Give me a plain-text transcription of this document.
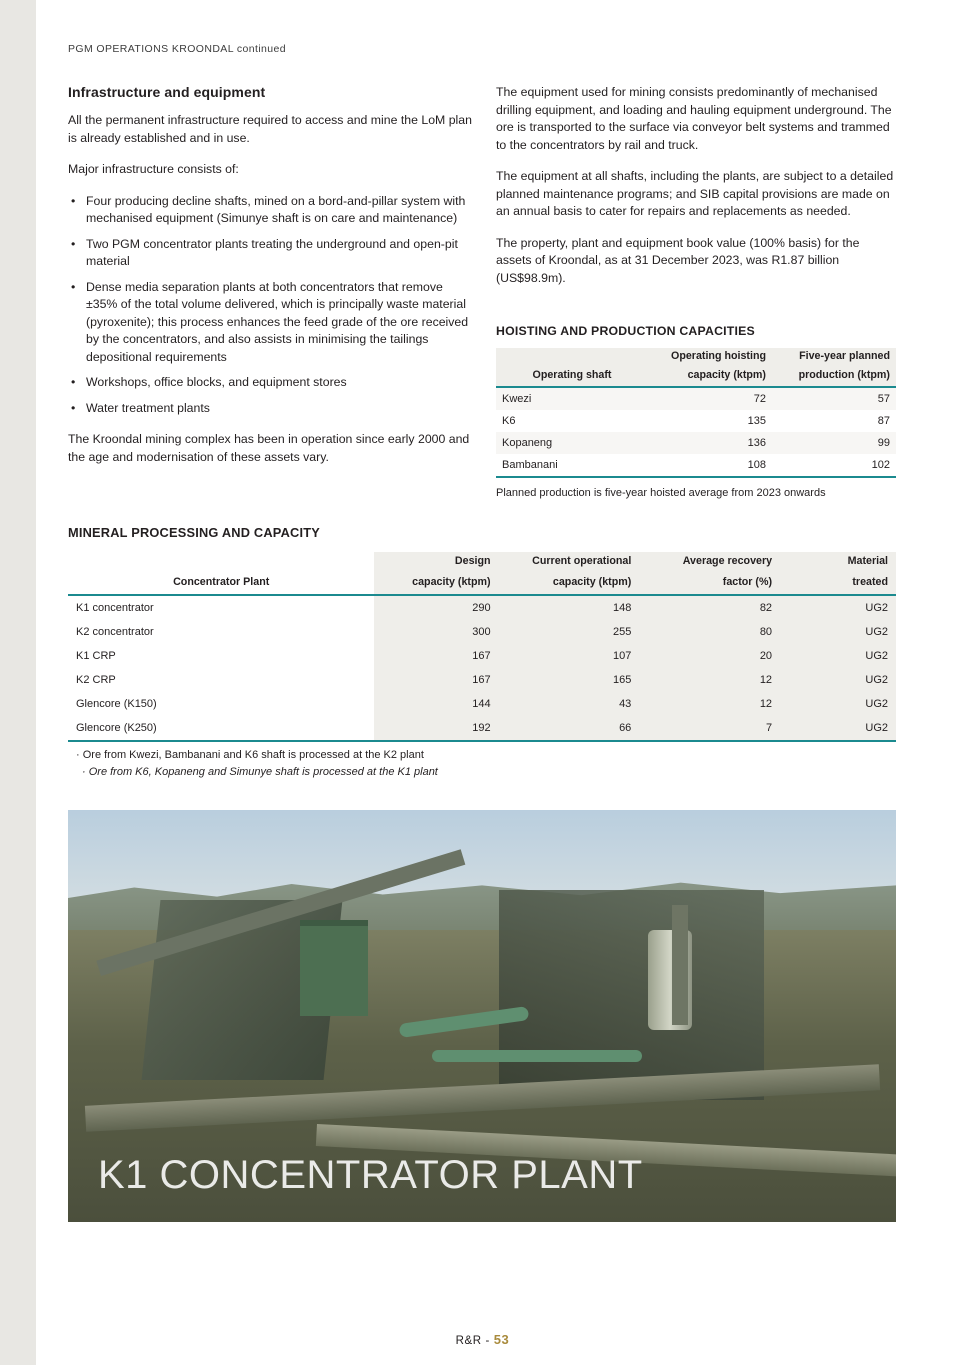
PGM OPERATIONS KROONDAL continued
Infrastructure and equipment

All the permanent infrastructure required to access and mine the LoM plan is already established and in use.

Major infrastructure consists of:

• Four producing decline shafts, mined on a bord-and-pillar system with mechanised equipment (Simunye shaft is on care and maintenance)
• Two PGM concentrator plants treating the underground and open-pit material
• Dense media separation plants at both concentrators that remove ±35% of the total volume delivered, which is principally waste material (pyroxenite); this process enhances the feed grade of the ore received by the concentrators, and also assists in minimising the tailings depositional requirements
• Workshops, office blocks, and equipment stores
• Water treatment plants

The Kroondal mining complex has been in operation since early 2000 and the age and modernisation of these assets vary.

The equipment used for mining consists predominantly of mechanised drilling equipment, and loading and hauling equipment underground. The ore is transported to the surface via conveyor belt systems and trammed to the concentrators by rail and truck.

The equipment at all shafts, including the plants, are subject to a detailed planned maintenance programs; and SIB capital provisions are made on an annual basis to cater for repairs and replacements as needed.

The property, plant and equipment book value (100% basis) for the assets of Kroondal, as at 31 December 2023, was R1.87 billion (US$98.9m).

HOISTING AND PRODUCTION CAPACITIES
	Operating hoisting	Five-year planned
Operating shaft	capacity (ktpm)	production (ktpm)
Kwezi	72	57
K6	135	87
Kopaneng	136	99
Bambanani	108	102
Planned production is five-year hoisted average from 2023 onwards
MINERAL PROCESSING AND CAPACITY
	Design	Current operational	Average recovery	Material
Concentrator Plant	capacity (ktpm)	capacity (ktpm)	factor (%)	treated
K1 concentrator	290	148	82	UG2
K2 concentrator	300	255	80	UG2
K1 CRP	167	107	20	UG2
K2 CRP	167	165	12	UG2
Glencore (K150)	144	43	12	UG2
Glencore (K250)	192	66	7	UG2
· Ore from Kwezi, Bambanani and K6 shaft is processed at the K2 plant
· Ore from K6, Kopaneng and Simunye shaft is processed at the K1 plant
K1 CONCENTRATOR PLANT
R&R - 53
